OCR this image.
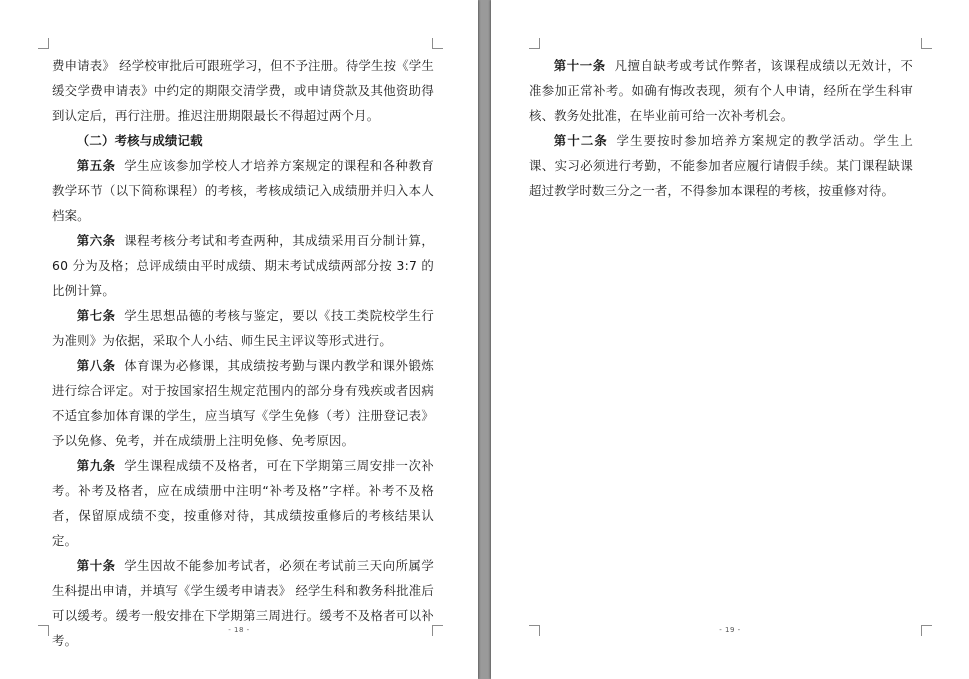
费申请表》 经学校审批后可跟班学习，但不予注册。待学生按《学生缓交学费申请表》中约定的期限交清学费，或申请贷款及其他资助得到认定后，再行注册。推迟注册期限最长不得超过两个月。

（二）考核与成绩记载

第五条 学生应该参加学校人才培养方案规定的课程和各种教育教学环节（以下简称课程）的考核，考核成绩记入成绩册并归入本人档案。

第六条 课程考核分考试和考查两种，其成绩采用百分制计算，60 分为及格；总评成绩由平时成绩、期末考试成绩两部分按 3:7 的比例计算。

第七条 学生思想品德的考核与鉴定，要以《技工类院校学生行为准则》为依据，采取个人小结、师生民主评议等形式进行。

第八条 体育课为必修课，其成绩按考勤与课内教学和课外锻炼进行综合评定。对于按国家招生规定范围内的部分身有残疾或者因病不适宜参加体育课的学生，应当填写《学生免修（考）注册登记表》予以免修、免考，并在成绩册上注明免修、免考原因。

第九条 学生课程成绩不及格者，可在下学期第三周安排一次补考。补考及格者，应在成绩册中注明“补考及格”字样。补考不及格者，保留原成绩不变，按重修对待，其成绩按重修后的考核结果认定。

第十条 学生因故不能参加考试者，必须在考试前三天向所属学生科提出申请，并填写《学生缓考申请表》 经学生科和教务科批准后可以缓考。缓考一般安排在下学期第三周进行。缓考不及格者可以补考。

- 18 -

第十一条 凡擅自缺考或考试作弊者，该课程成绩以无效计，不准参加正常补考。如确有悔改表现，须有个人申请，经所在学生科审核、教务处批准，在毕业前可给一次补考机会。

第十二条 学生要按时参加培养方案规定的教学活动。学生上课、实习必须进行考勤，不能参加者应履行请假手续。某门课程缺课超过教学时数三分之一者，不得参加本课程的考核，按重修对待。

- 19 -
